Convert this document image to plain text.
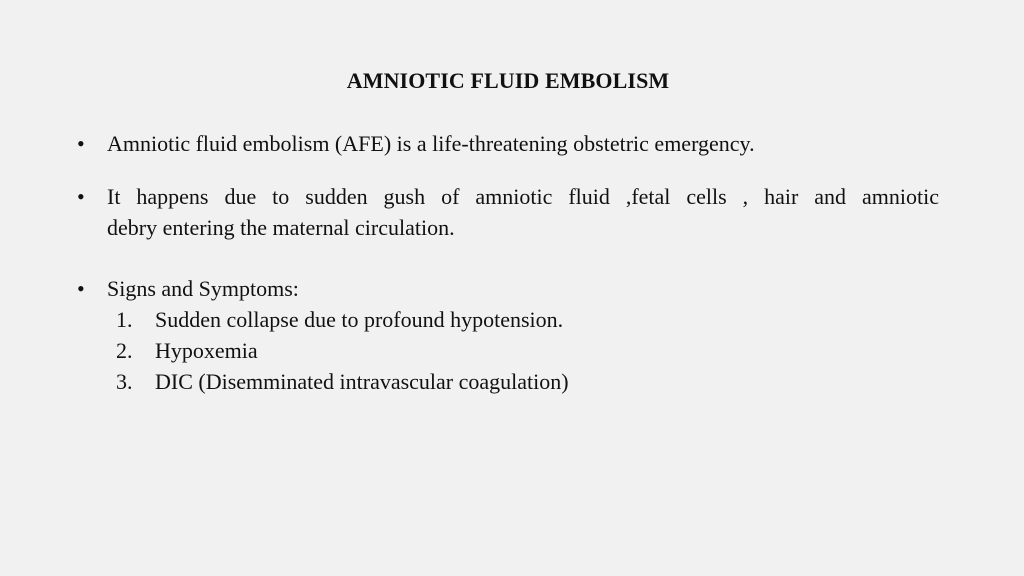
AMNIOTIC FLUID EMBOLISM
• Amniotic fluid embolism (AFE) is a life-threatening obstetric emergency.
• It happens due to sudden gush of amniotic fluid ,fetal cells , hair and amniotic
debry entering the maternal circulation.
• Signs and Symptoms:
1. Sudden collapse due to profound hypotension.
2. Hypoxemia
3. DIC (Disemminated intravascular coagulation)
